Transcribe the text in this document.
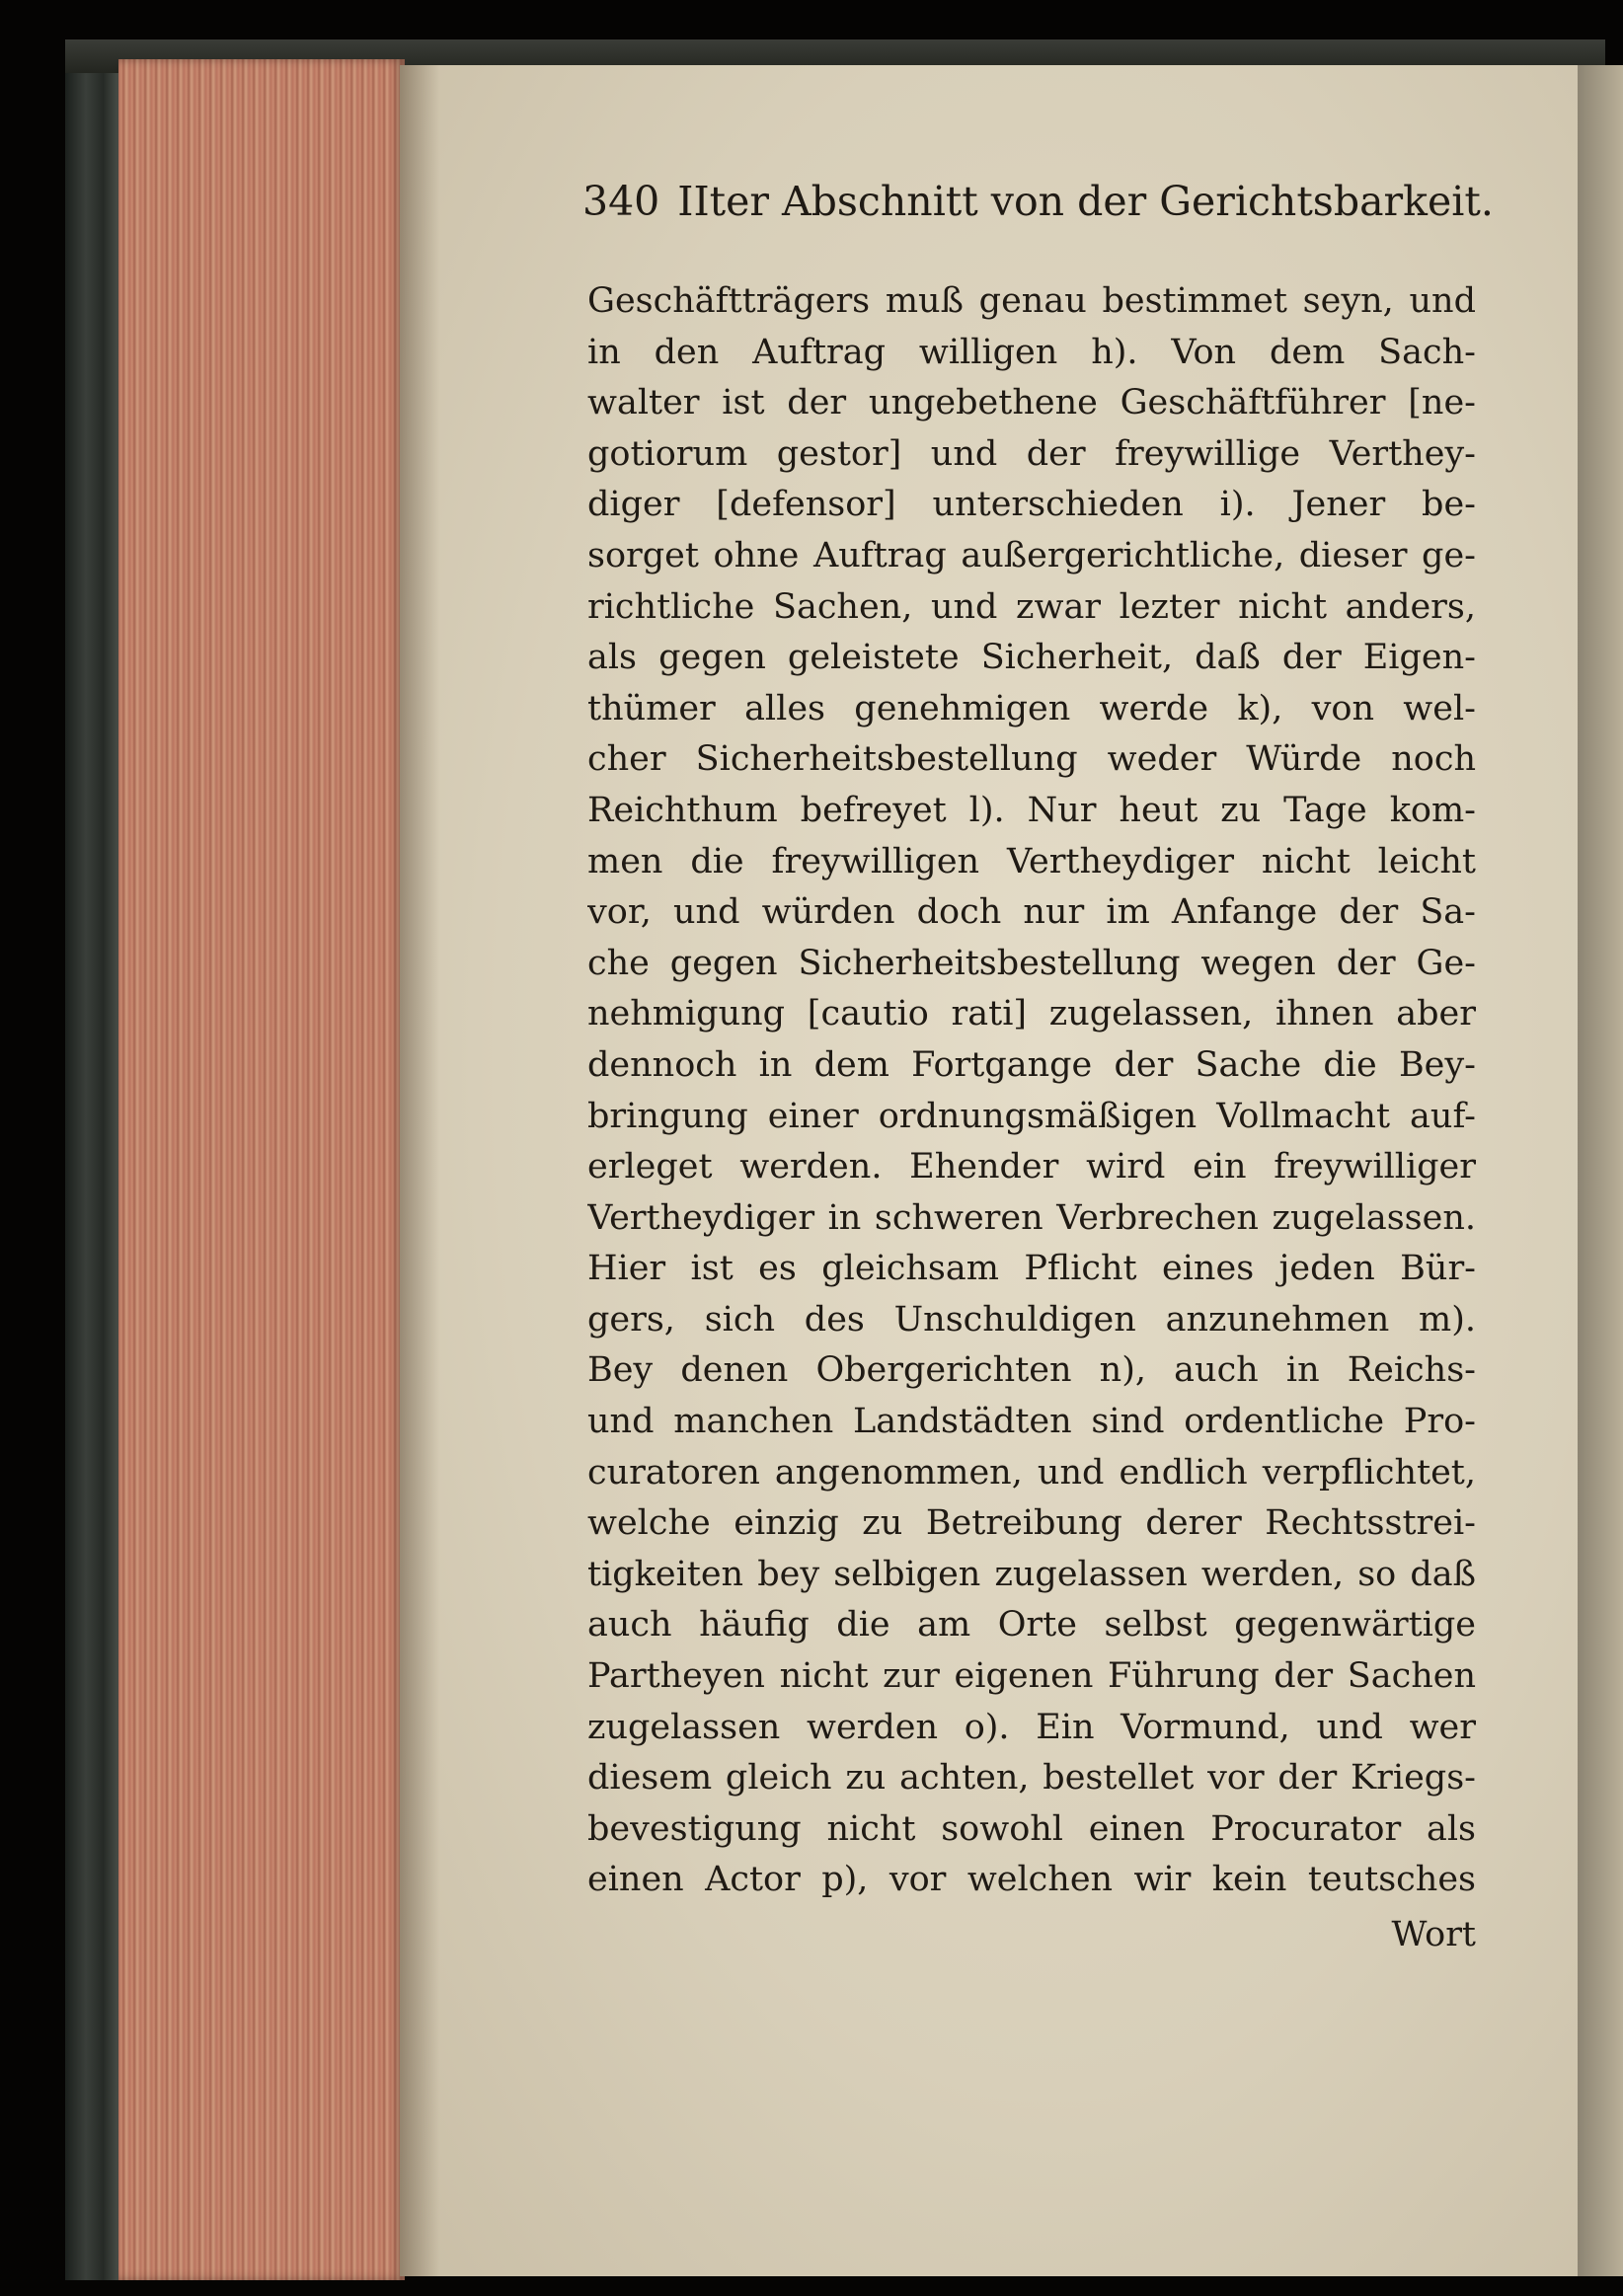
340 IIter Abschnitt von der Gerichtsbarkeit.
Geschäftträgers muß genau bestimmet seyn, und
in den Auftrag willigen h). Von dem Sach-
walter ist der ungebethene Geschäftführer [ne-
gotiorum gestor] und der freywillige Verthey-
diger [defensor] unterschieden i). Jener be-
sorget ohne Auftrag außergerichtliche, dieser ge-
richtliche Sachen, und zwar lezter nicht anders,
als gegen geleistete Sicherheit, daß der Eigen-
thümer alles genehmigen werde k), von wel-
cher Sicherheitsbestellung weder Würde noch
Reichthum befreyet l). Nur heut zu Tage kom-
men die freywilligen Vertheydiger nicht leicht
vor, und würden doch nur im Anfange der Sa-
che gegen Sicherheitsbestellung wegen der Ge-
nehmigung [cautio rati] zugelassen, ihnen aber
dennoch in dem Fortgange der Sache die Bey-
bringung einer ordnungsmäßigen Vollmacht auf-
erleget werden. Ehender wird ein freywilliger
Vertheydiger in schweren Verbrechen zugelassen.
Hier ist es gleichsam Pflicht eines jeden Bür-
gers, sich des Unschuldigen anzunehmen m).
Bey denen Obergerichten n), auch in Reichs-
und manchen Landstädten sind ordentliche Pro-
curatoren angenommen, und endlich verpflichtet,
welche einzig zu Betreibung derer Rechtsstrei-
tigkeiten bey selbigen zugelassen werden, so daß
auch häufig die am Orte selbst gegenwärtige
Partheyen nicht zur eigenen Führung der Sachen
zugelassen werden o). Ein Vormund, und wer
diesem gleich zu achten, bestellet vor der Kriegs-
bevestigung nicht sowohl einen Procurator als
einen Actor p), vor welchen wir kein teutsches
Wort
